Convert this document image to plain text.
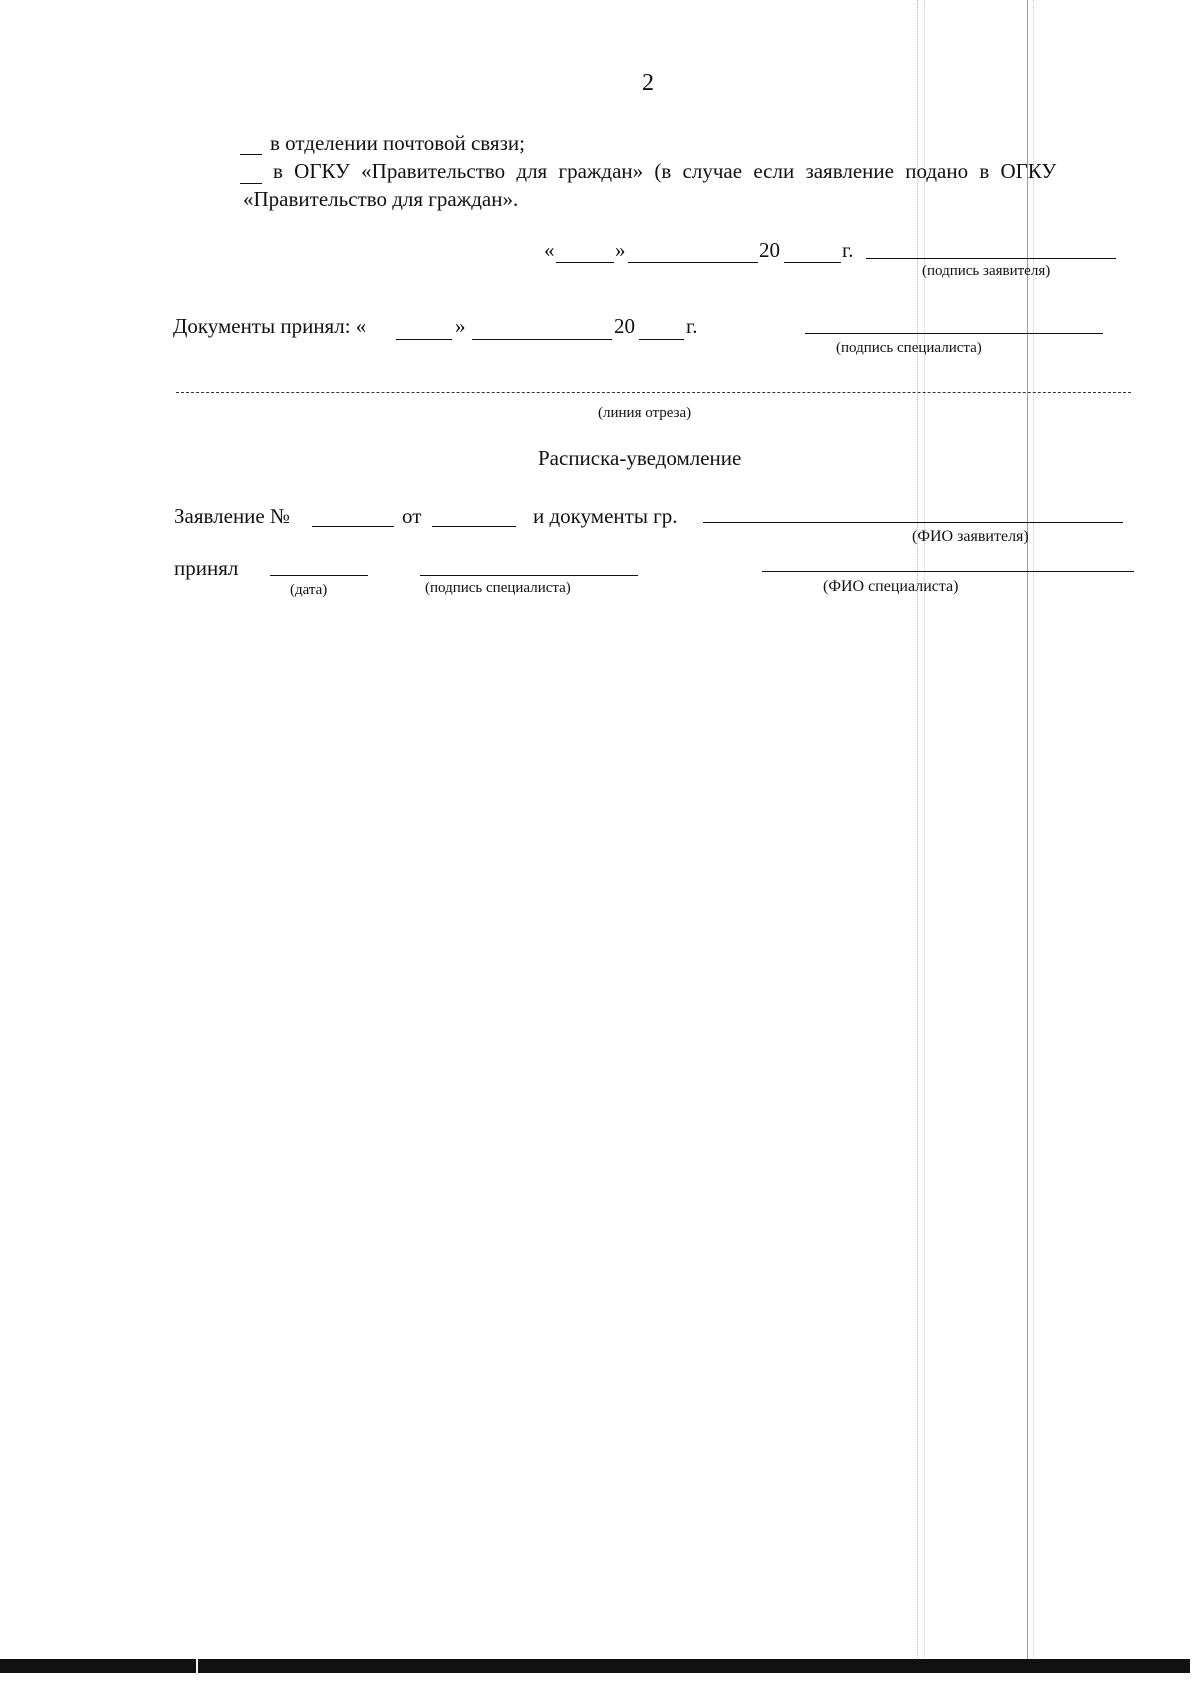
2
в отделении почтовой связи;
в ОГКУ «Правительство для граждан» (в случае если заявление подано в ОГКУ
«Правительство для граждан».
«	»	20	г.
(подпись заявителя)
Документы принял: «	»	20 г.
(подпись специалиста)
(линия отреза)
Расписка-уведомление
Заявление №	от	и документы гр.
(ФИО заявителя)
принял
(дата)	(подпись специалиста)	(ФИО специалиста)
